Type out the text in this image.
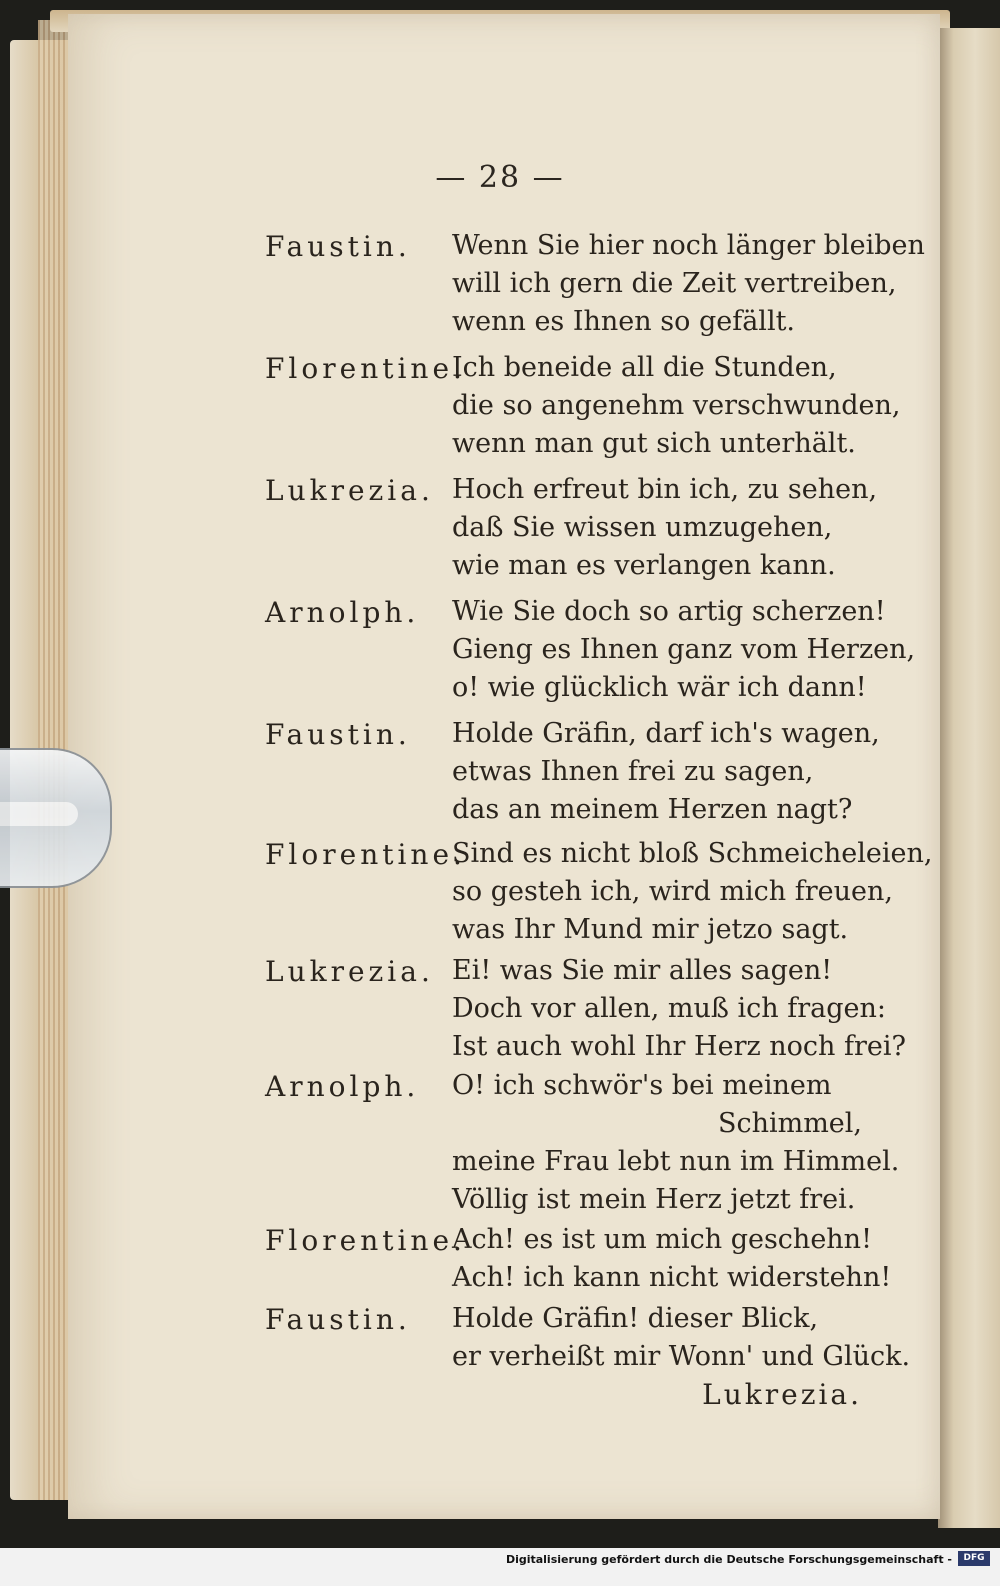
— 28 —
Faustin. Wenn Sie hier noch länger bleiben
will ich gern die Zeit vertreiben,
wenn es Ihnen so gefällt.
Florentine.
Ich beneide all die Stunden,
die so angenehm verschwunden,
wenn man gut sich unterhält.
Lukrezia. Hoch erfreut bin ich, zu sehen,
daß Sie wissen umzugehen,
wie man es verlangen kann.
Arnolph. Wie Sie doch so artig scherzen!
Gieng es Ihnen ganz vom Herzen,
o! wie glücklich wär ich dann!
Faustin. Holde Gräfin, darf ich's wagen,
etwas Ihnen frei zu sagen,
das an meinem Herzen nagt?
Florentine.
Sind es nicht bloß Schmeicheleien,
so gesteh ich, wird mich freuen,
was Ihr Mund mir jetzo sagt.
Lukrezia. Ei! was Sie mir alles sagen!
Doch vor allen, muß ich fragen:
Ist auch wohl Ihr Herz noch frei?
Arnolph. O! ich schwör's bei meinem
Schimmel,
meine Frau lebt nun im Himmel.
Völlig ist mein Herz jetzt frei.
Florentine.
Ach! es ist um mich geschehn!
Ach! ich kann nicht widerstehn!
Faustin. Holde Gräfin! dieser Blick,
er verheißt mir Wonn' und Glück.
Lukrezia.
Digitalisierung gefördert durch die Deutsche Forschungsgemeinschaft -	DFG
